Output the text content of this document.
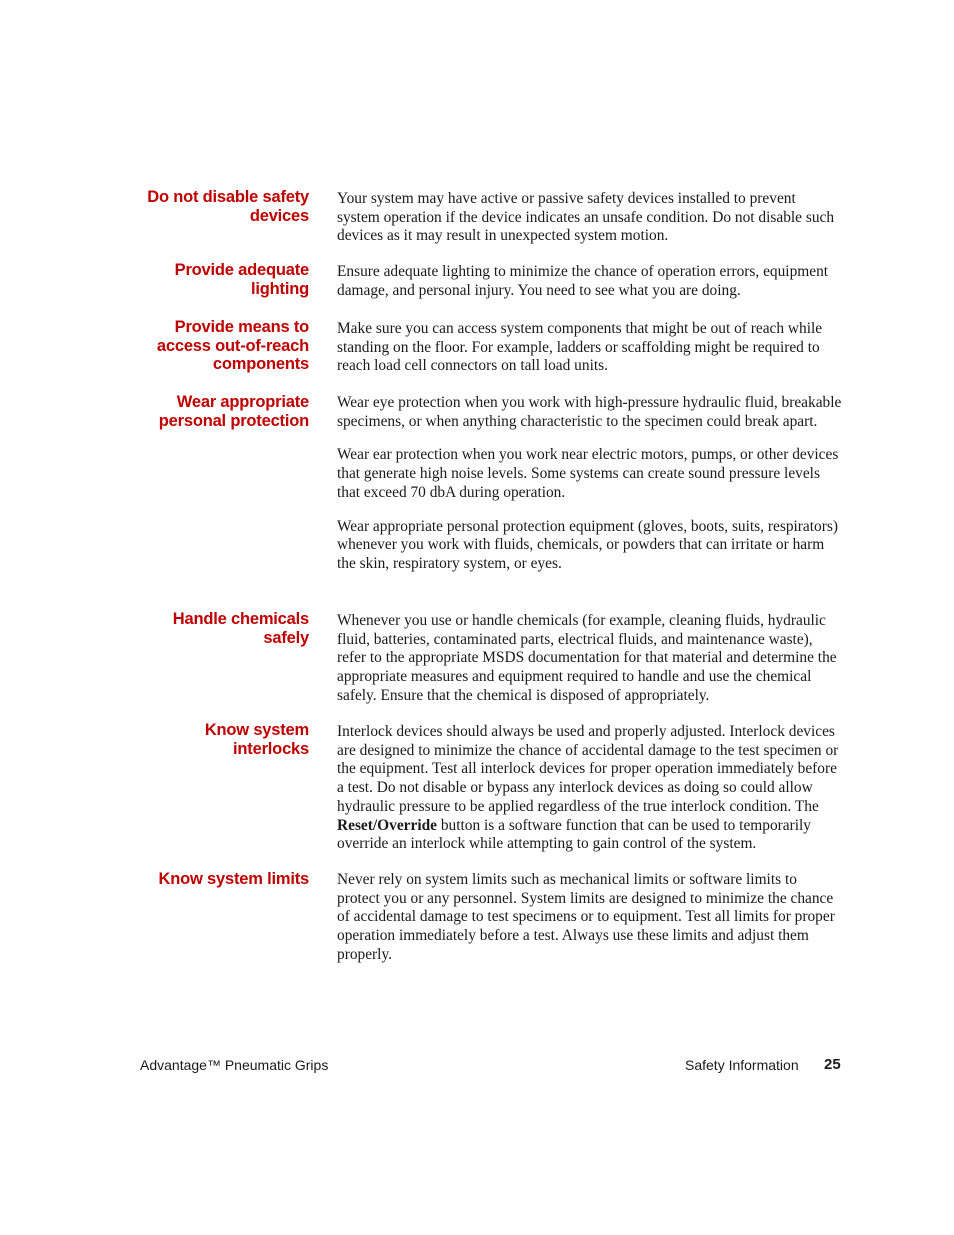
Do not disable safety
devices

Your system may have active or passive safety devices installed to prevent system operation if the device indicates an unsafe condition. Do not disable such devices as it may result in unexpected system motion.

Provide adequate
lighting

Ensure adequate lighting to minimize the chance of operation errors, equipment damage, and personal injury. You need to see what you are doing.

Provide means to
access out-of-reach
components

Make sure you can access system components that might be out of reach while standing on the floor. For example, ladders or scaffolding might be required to reach load cell connectors on tall load units.

Wear appropriate
personal protection

Wear eye protection when you work with high-pressure hydraulic fluid, breakable specimens, or when anything characteristic to the specimen could break apart.

Wear ear protection when you work near electric motors, pumps, or other devices that generate high noise levels. Some systems can create sound pressure levels that exceed 70 dbA during operation.

Wear appropriate personal protection equipment (gloves, boots, suits, respirators) whenever you work with fluids, chemicals, or powders that can irritate or harm the skin, respiratory system, or eyes.

Handle chemicals
safely

Whenever you use or handle chemicals (for example, cleaning fluids, hydraulic fluid, batteries, contaminated parts, electrical fluids, and maintenance waste), refer to the appropriate MSDS documentation for that material and determine the appropriate measures and equipment required to handle and use the chemical safely. Ensure that the chemical is disposed of appropriately.

Know system
interlocks

Interlock devices should always be used and properly adjusted. Interlock devices are designed to minimize the chance of accidental damage to the test specimen or the equipment. Test all interlock devices for proper operation immediately before a test. Do not disable or bypass any interlock devices as doing so could allow hydraulic pressure to be applied regardless of the true interlock condition. The Reset/Override button is a software function that can be used to temporarily override an interlock while attempting to gain control of the system.

Know system limits Never rely on system limits such as mechanical limits or software limits to protect you or any personnel. System limits are designed to minimize the chance of accidental damage to test specimens or to equipment. Test all limits for proper operation immediately before a test. Always use these limits and adjust them properly.

Advantage™ Pneumatic Grips	Safety Information 25
